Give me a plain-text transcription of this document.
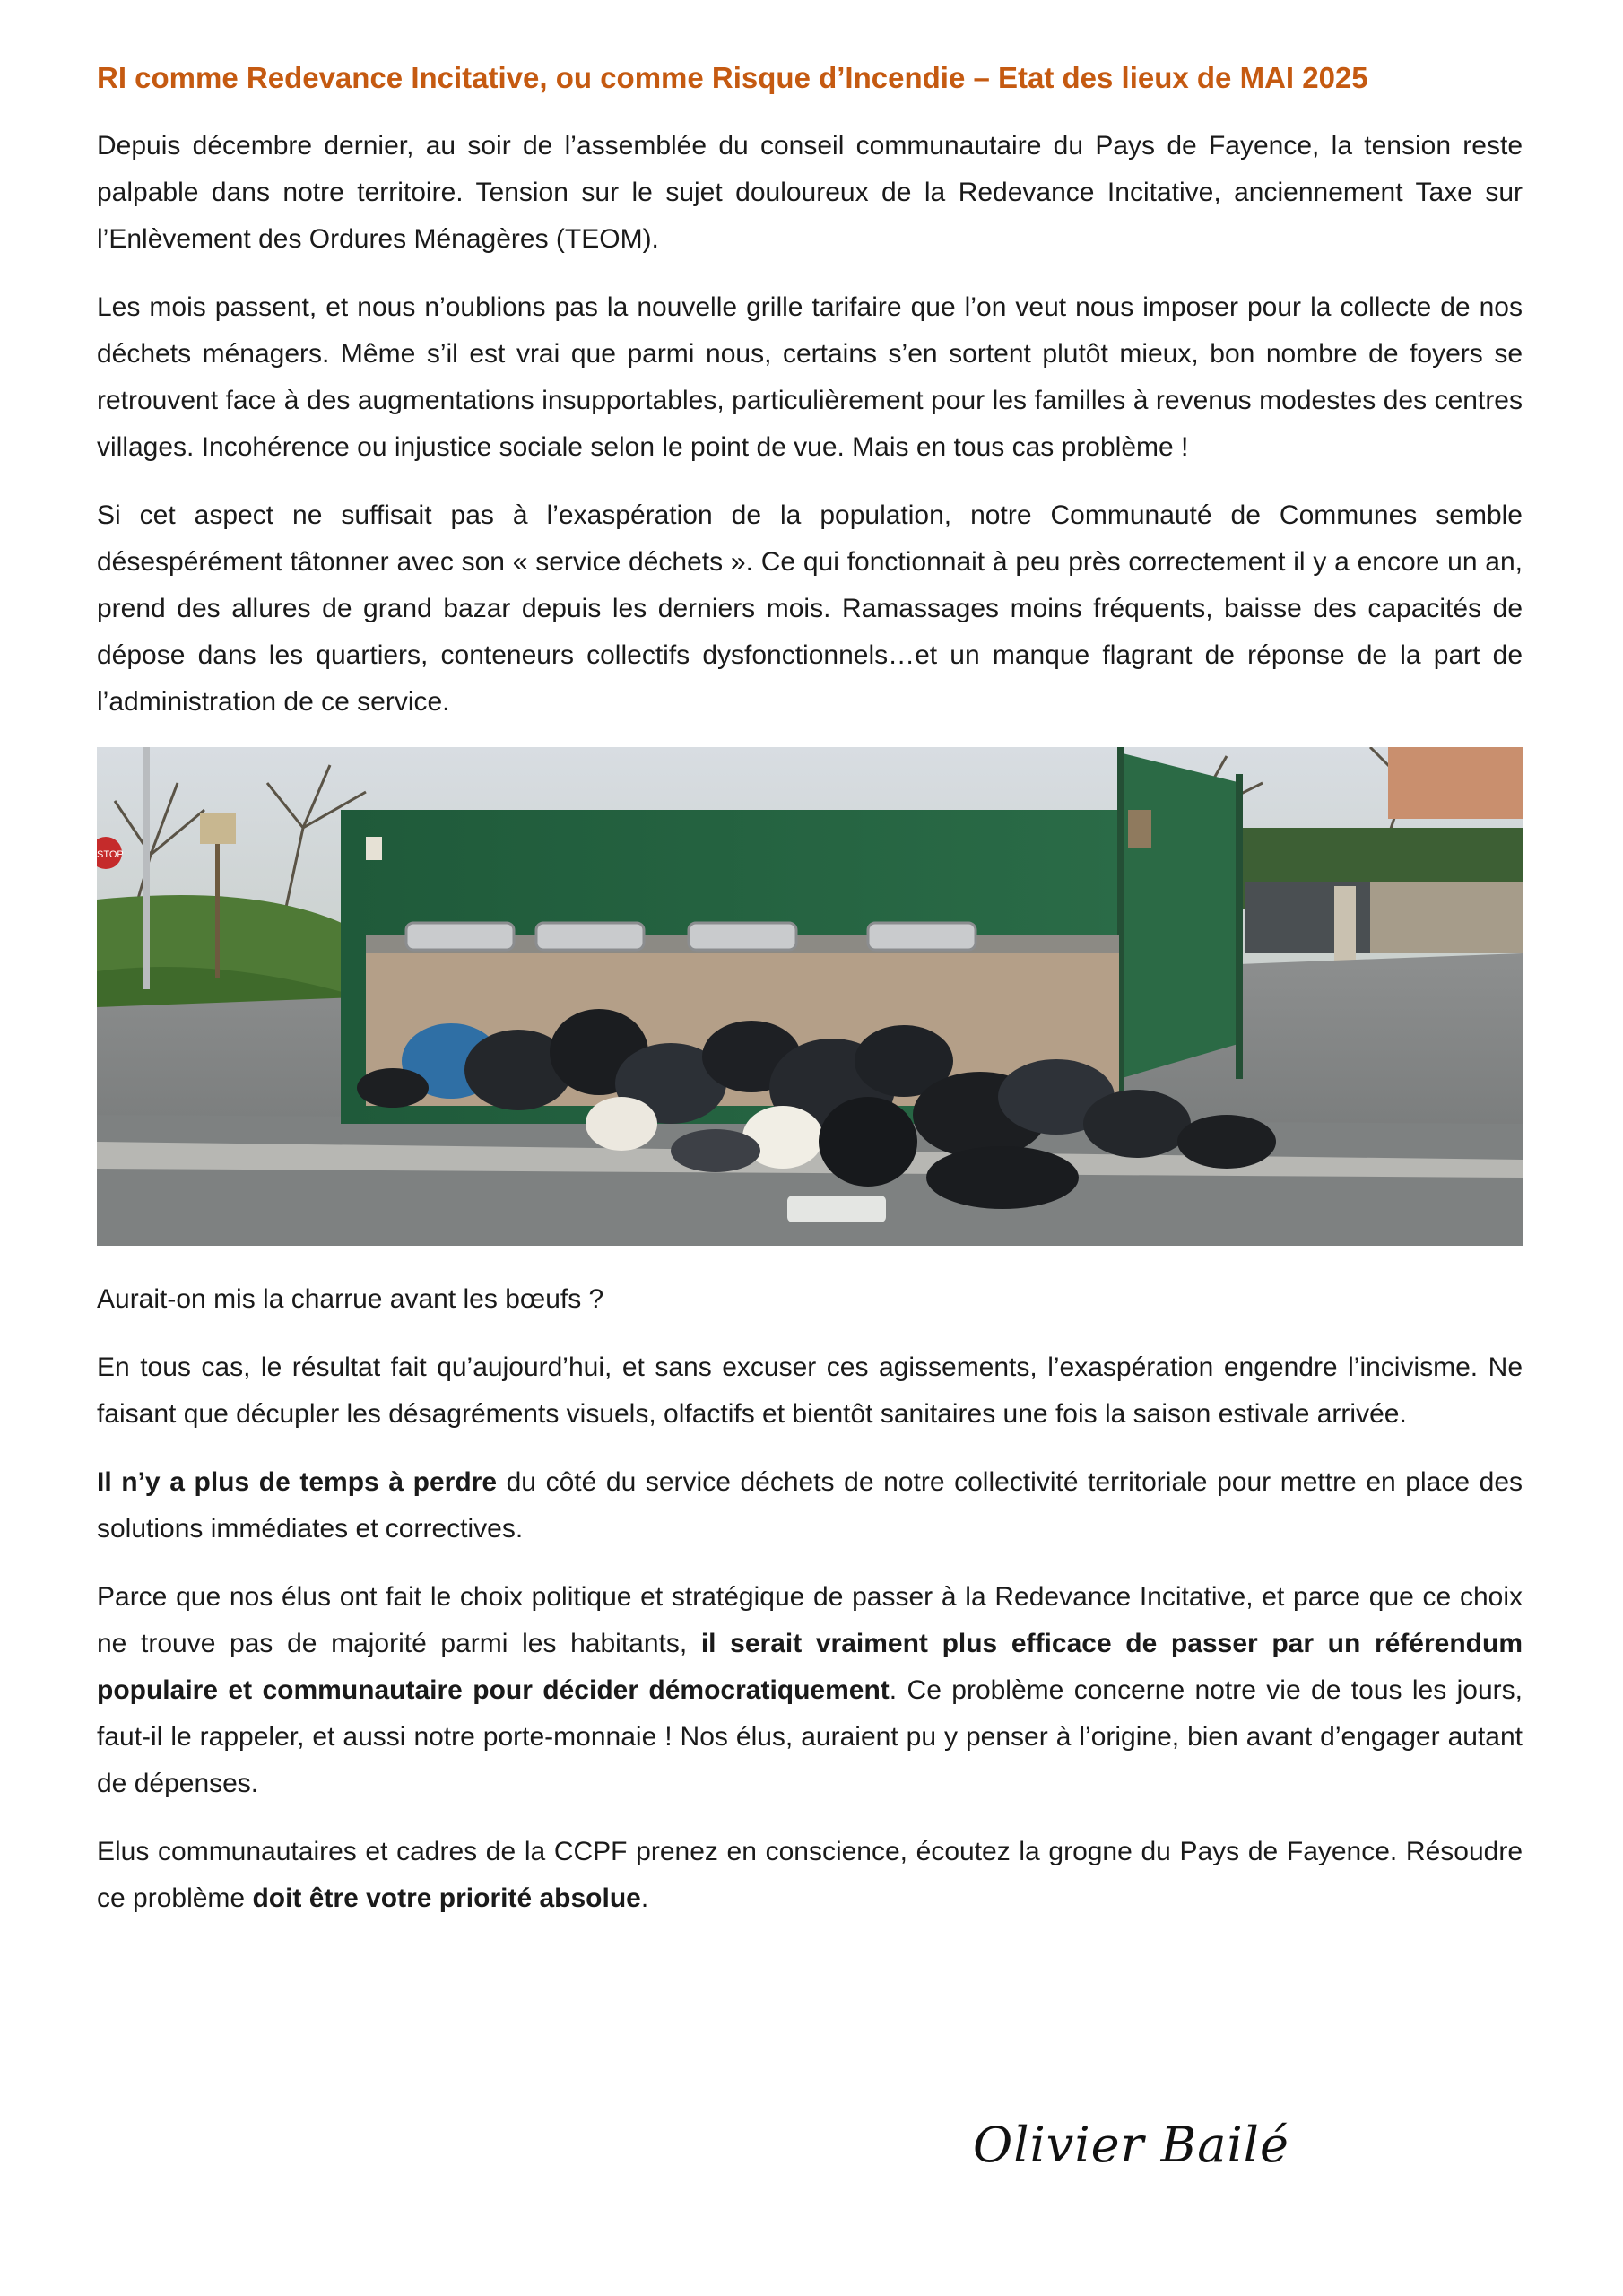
RI comme Redevance Incitative, ou comme Risque d’Incendie – Etat des lieux de MAI 2025

Depuis décembre dernier, au soir de l’assemblée du conseil communautaire du Pays de Fayence, la tension reste palpable dans notre territoire. Tension sur le sujet douloureux de la Redevance Incitative, anciennement Taxe sur l’Enlèvement des Ordures Ménagères (TEOM).

Les mois passent, et nous n’oublions pas la nouvelle grille tarifaire que l’on veut nous imposer pour la collecte de nos déchets ménagers. Même s’il est vrai que parmi nous, certains s’en sortent plutôt mieux, bon nombre de foyers se retrouvent face à des augmentations insupportables, particulièrement pour les familles à revenus modestes des centres villages. Incohérence ou injustice sociale selon le point de vue. Mais en tous cas problème !

Si cet aspect ne suffisait pas à l’exaspération de la population, notre Communauté de Communes semble désespérément tâtonner avec son « service déchets ». Ce qui fonctionnait à peu près correctement il y a encore un an, prend des allures de grand bazar depuis les derniers mois. Ramassages moins fréquents, baisse des capacités de dépose dans les quartiers, conteneurs collectifs dysfonctionnels…et un manque flagrant de réponse de la part de l’administration de ce service.

STOP

Aurait-on mis la charrue avant les bœufs ?

En tous cas, le résultat fait qu’aujourd’hui, et sans excuser ces agissements, l’exaspération engendre l’incivisme. Ne faisant que décupler les désagréments visuels, olfactifs et bientôt sanitaires une fois la saison estivale arrivée.

Il n’y a plus de temps à perdre du côté du service déchets de notre collectivité territoriale pour mettre en place des solutions immédiates et correctives.

Parce que nos élus ont fait le choix politique et stratégique de passer à la Redevance Incitative, et parce que ce choix ne trouve pas de majorité parmi les habitants, il serait vraiment plus efficace de passer par un référendum populaire et communautaire pour décider démocratiquement. Ce problème concerne notre vie de tous les jours, faut-il le rappeler, et aussi notre porte-monnaie ! Nos élus, auraient pu y penser à l’origine, bien avant d’engager autant de dépenses.

Elus communautaires et cadres de la CCPF prenez en conscience, écoutez la grogne du Pays de Fayence. Résoudre ce problème doit être votre priorité absolue.

Olivier Bailé
